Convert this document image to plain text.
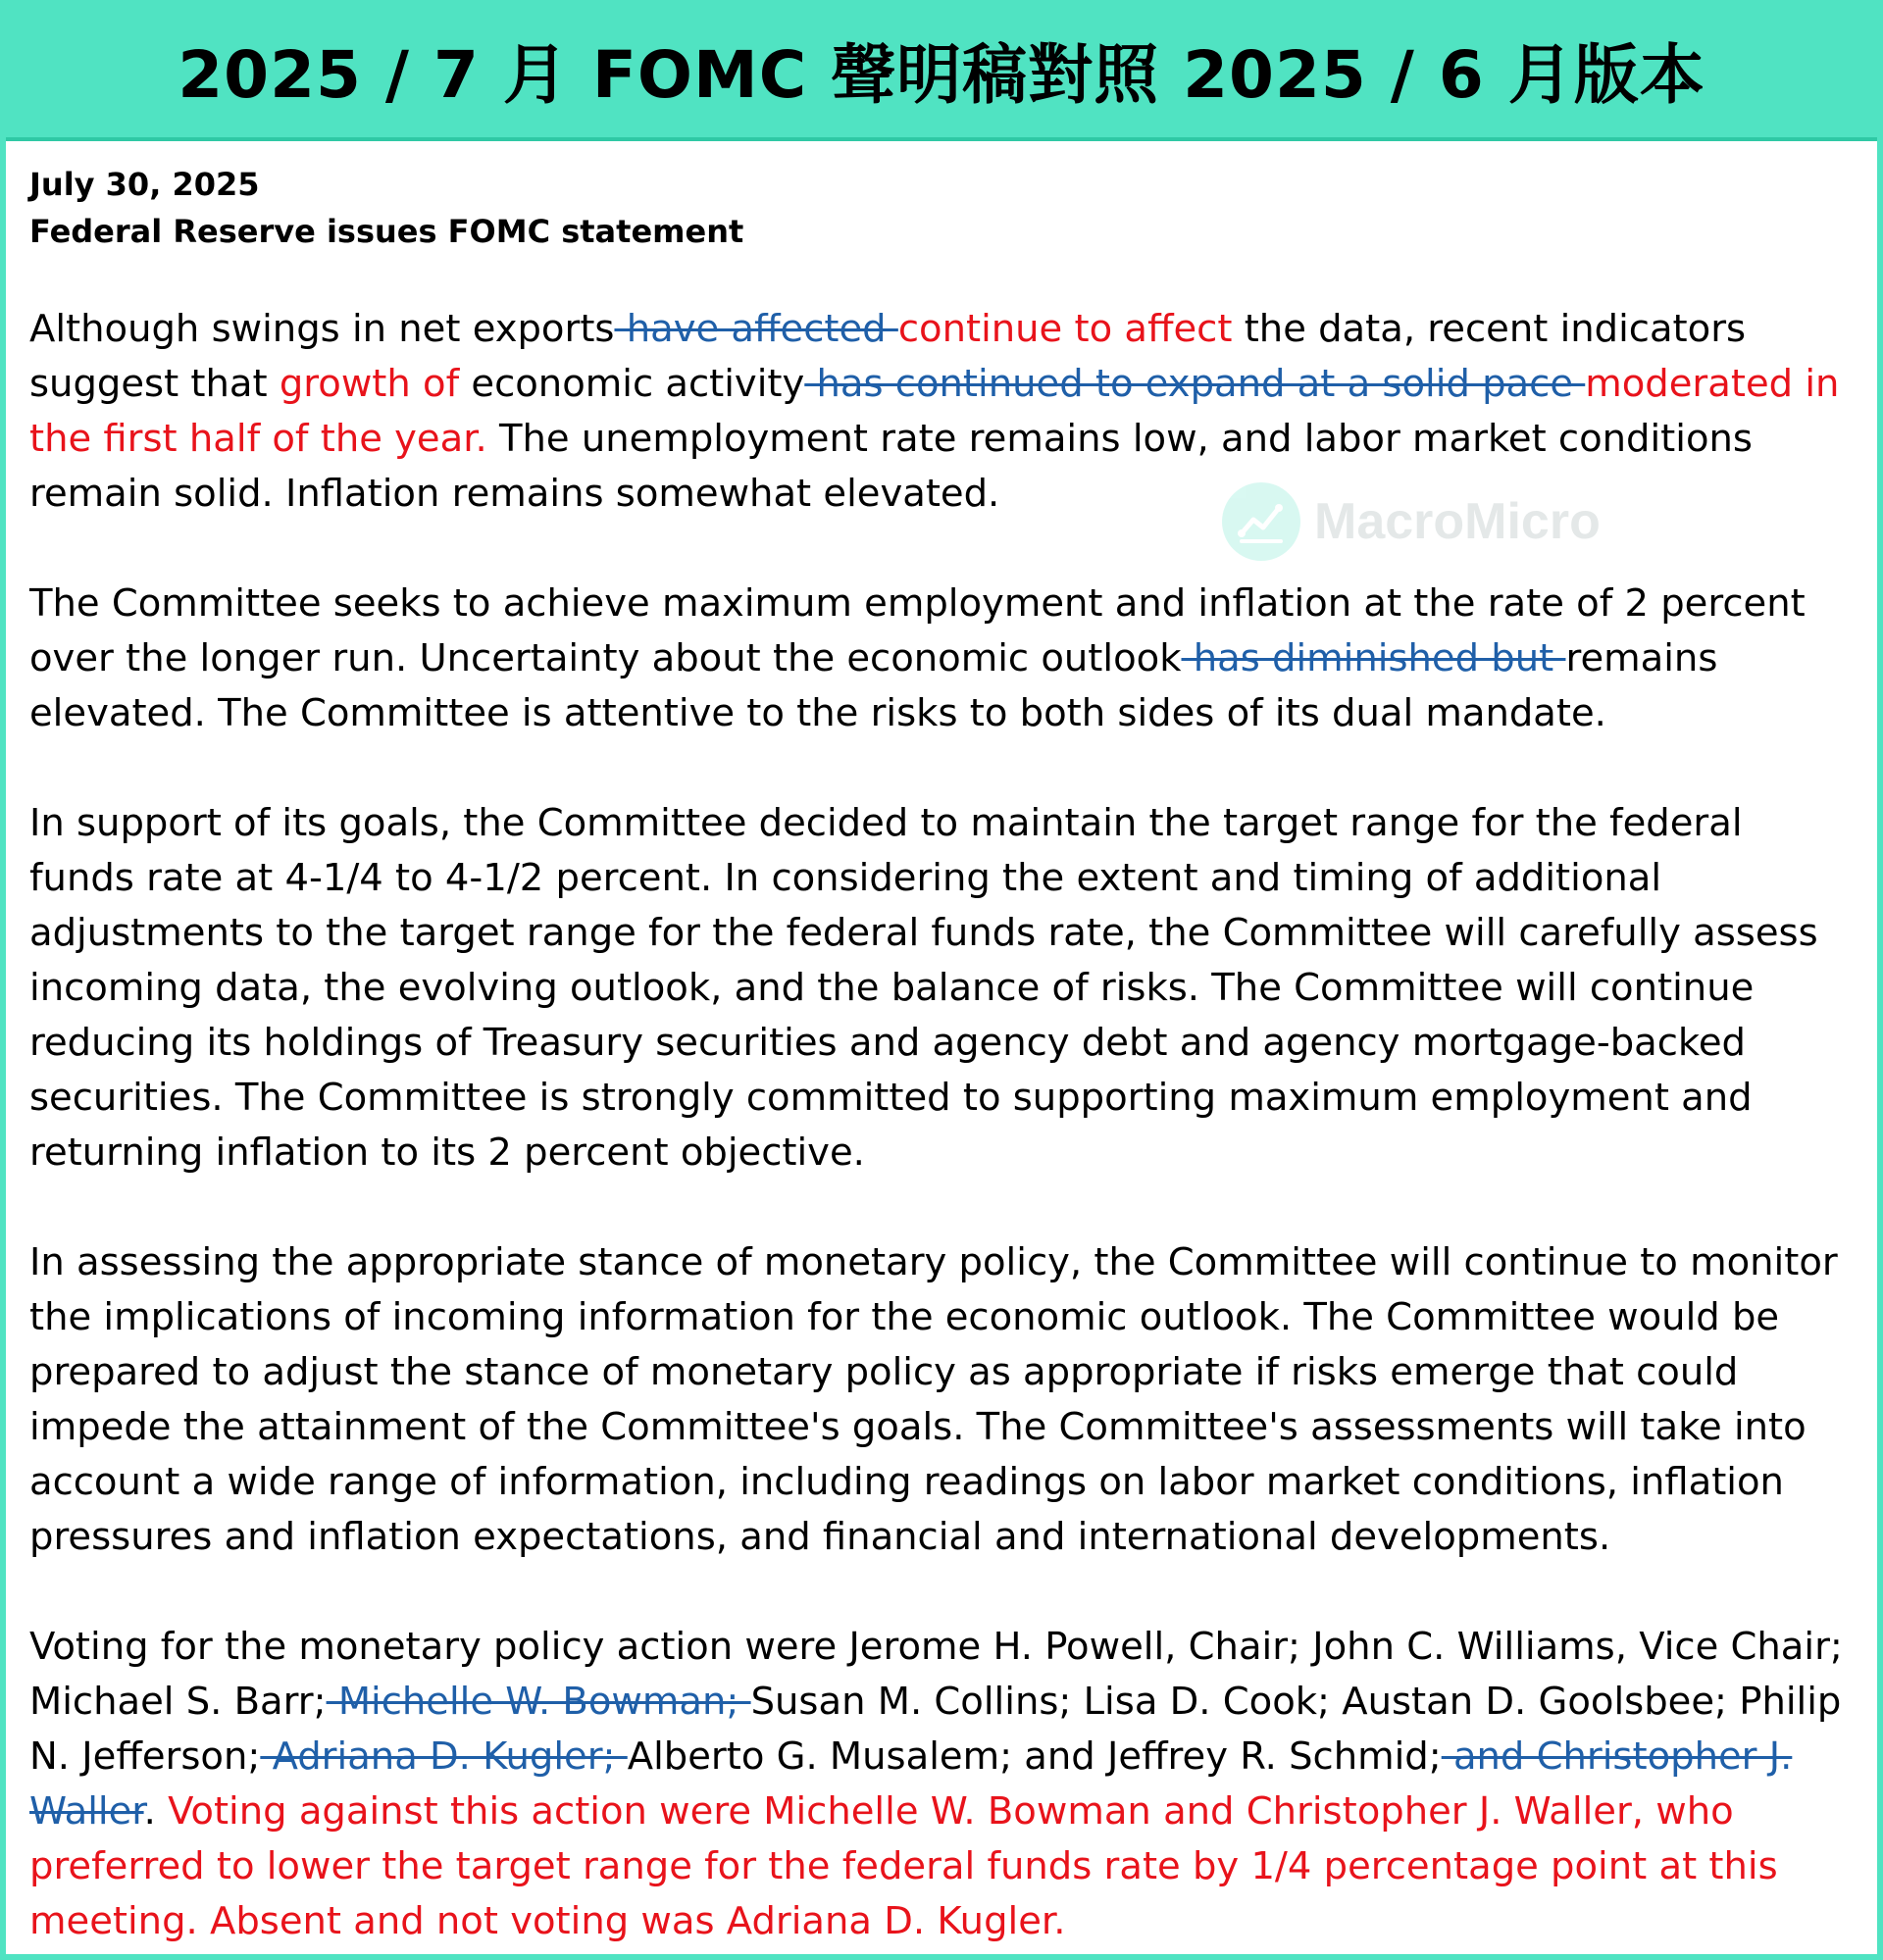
2025 / 7 月 FOMC 聲明稿對照 2025 / 6 月版本
MacroMicro
July 30, 2025
Federal Reserve issues FOMC statement

Although swings in net exports have affected continue to affect the data, recent indicators suggest that growth of economic activity has continued to expand at a solid pace moderated in the first half of the year. The unemployment rate remains low, and labor market conditions remain solid. Inflation remains somewhat elevated.

The Committee seeks to achieve maximum employment and inflation at the rate of 2 percent over the longer run. Uncertainty about the economic outlook has diminished but remains elevated. The Committee is attentive to the risks to both sides of its dual mandate.

In support of its goals, the Committee decided to maintain the target range for the federal funds rate at 4-1/4 to 4-1/2 percent. In considering the extent and timing of additional adjustments to the target range for the federal funds rate, the Committee will carefully assess incoming data, the evolving outlook, and the balance of risks. The Committee will continue reducing its holdings of Treasury securities and agency debt and agency mortgage-backed securities. The Committee is strongly committed to supporting maximum employment and returning inflation to its 2 percent objective.

In assessing the appropriate stance of monetary policy, the Committee will continue to monitor the implications of incoming information for the economic outlook. The Committee would be prepared to adjust the stance of monetary policy as appropriate if risks emerge that could impede the attainment of the Committee's goals. The Committee's assessments will take into account a wide range of information, including readings on labor market conditions, inflation pressures and inflation expectations, and financial and international developments.

Voting for the monetary policy action were Jerome H. Powell, Chair; John C. Williams, Vice Chair; Michael S. Barr; Michelle W. Bowman; Susan M. Collins; Lisa D. Cook; Austan D. Goolsbee; Philip N. Jefferson; Adriana D. Kugler; Alberto G. Musalem; and Jeffrey R. Schmid; and Christopher J. Waller. Voting against this action were Michelle W. Bowman and Christopher J. Waller, who preferred to lower the target range for the federal funds rate by 1/4 percentage point at this meeting. Absent and not voting was Adriana D. Kugler.
